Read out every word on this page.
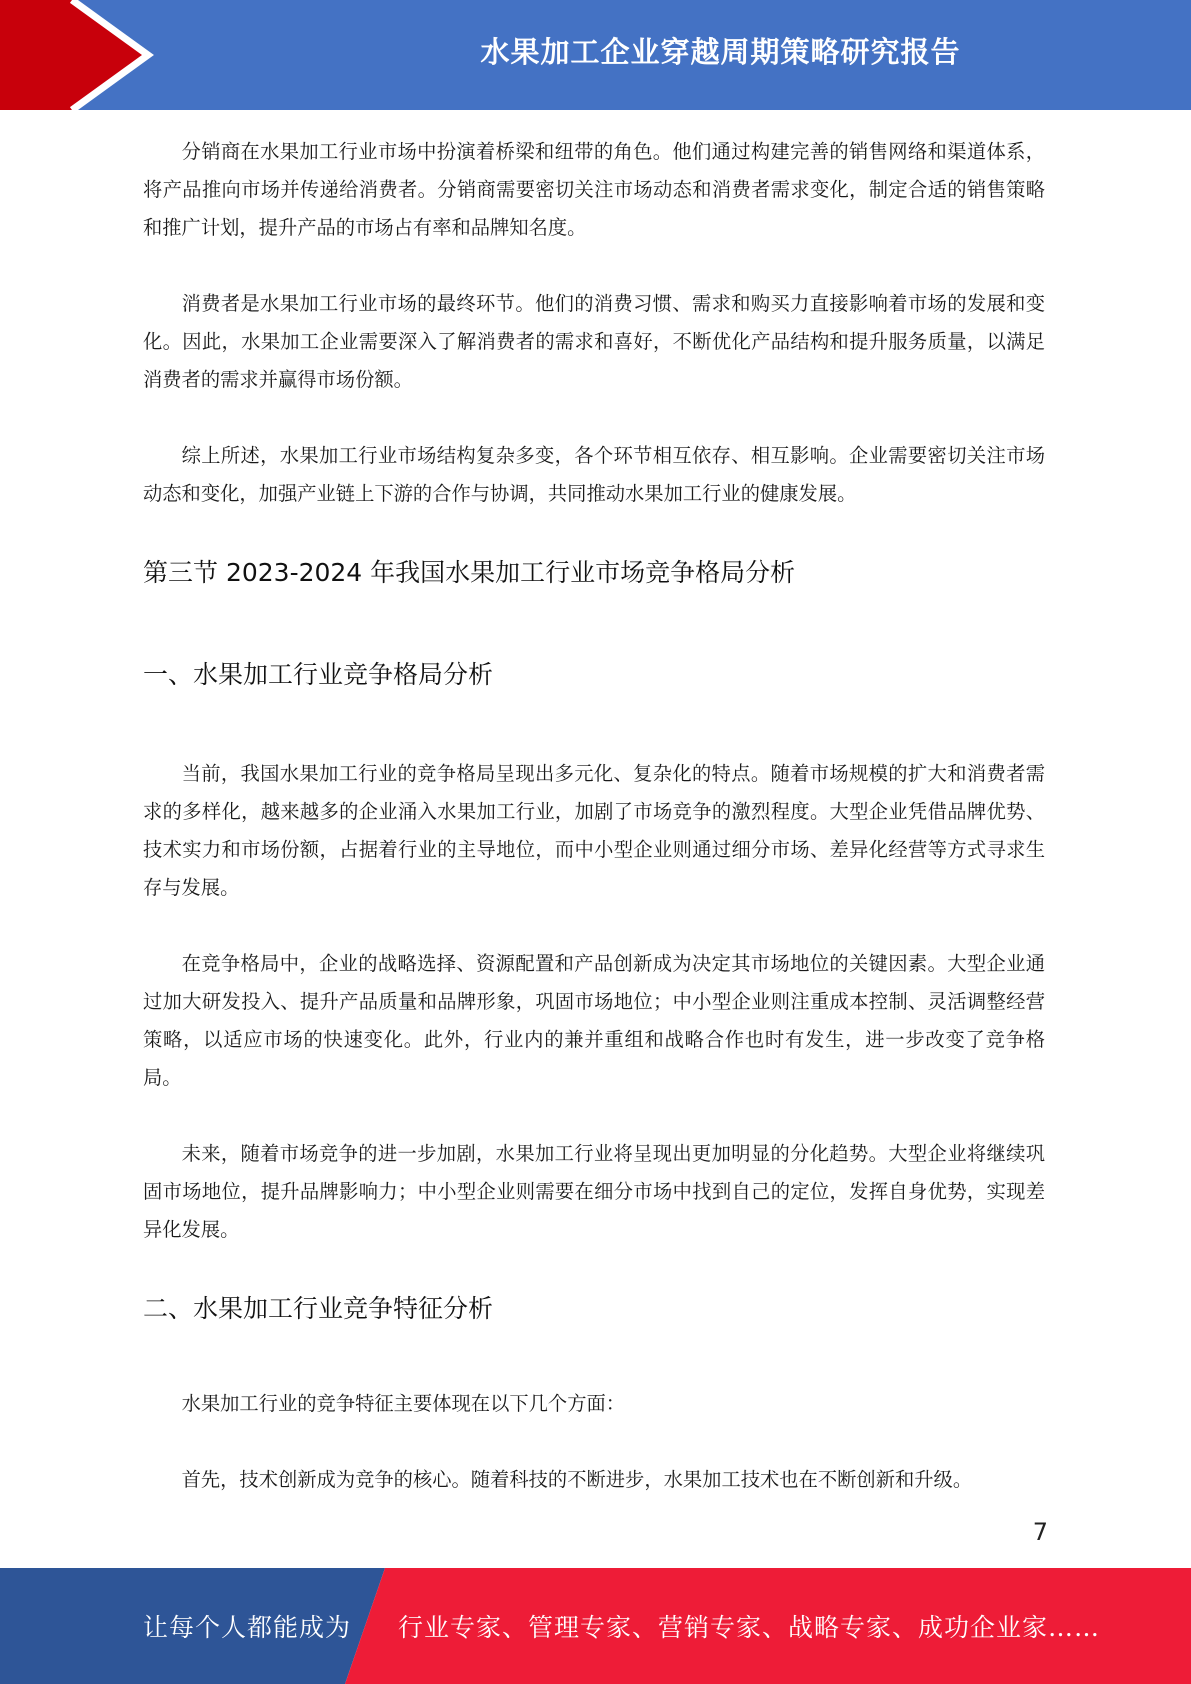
水果加工企业穿越周期策略研究报告

分销商在水果加工行业市场中扮演着桥梁和纽带的角色。他们通过构建完善的销售网络和渠道体系，将产品推向市场并传递给消费者。分销商需要密切关注市场动态和消费者需求变化，制定合适的销售策略和推广计划，提升产品的市场占有率和品牌知名度。

消费者是水果加工行业市场的最终环节。他们的消费习惯、需求和购买力直接影响着市场的发展和变化。因此，水果加工企业需要深入了解消费者的需求和喜好，不断优化产品结构和提升服务质量，以满足消费者的需求并赢得市场份额。

综上所述，水果加工行业市场结构复杂多变，各个环节相互依存、相互影响。企业需要密切关注市场动态和变化，加强产业链上下游的合作与协调，共同推动水果加工行业的健康发展。

第三节 2023-2024 年我国水果加工行业市场竞争格局分析
一、水果加工行业竞争格局分析

当前，我国水果加工行业的竞争格局呈现出多元化、复杂化的特点。随着市场规模的扩大和消费者需求的多样化，越来越多的企业涌入水果加工行业，加剧了市场竞争的激烈程度。大型企业凭借品牌优势、技术实力和市场份额，占据着行业的主导地位，而中小型企业则通过细分市场、差异化经营等方式寻求生存与发展。

在竞争格局中，企业的战略选择、资源配置和产品创新成为决定其市场地位的关键因素。大型企业通过加大研发投入、提升产品质量和品牌形象，巩固市场地位；中小型企业则注重成本控制、灵活调整经营策略，以适应市场的快速变化。此外，行业内的兼并重组和战略合作也时有发生，进一步改变了竞争格局。

未来，随着市场竞争的进一步加剧，水果加工行业将呈现出更加明显的分化趋势。大型企业将继续巩固市场地位，提升品牌影响力；中小型企业则需要在细分市场中找到自己的定位，发挥自身优势，实现差异化发展。

二、水果加工行业竞争特征分析

水果加工行业的竞争特征主要体现在以下几个方面：

首先，技术创新成为竞争的核心。随着科技的不断进步，水果加工技术也在不断创新和升级。

7
让每个人都能成为 行业专家、管理专家、营销专家、战略专家、成功企业家……
